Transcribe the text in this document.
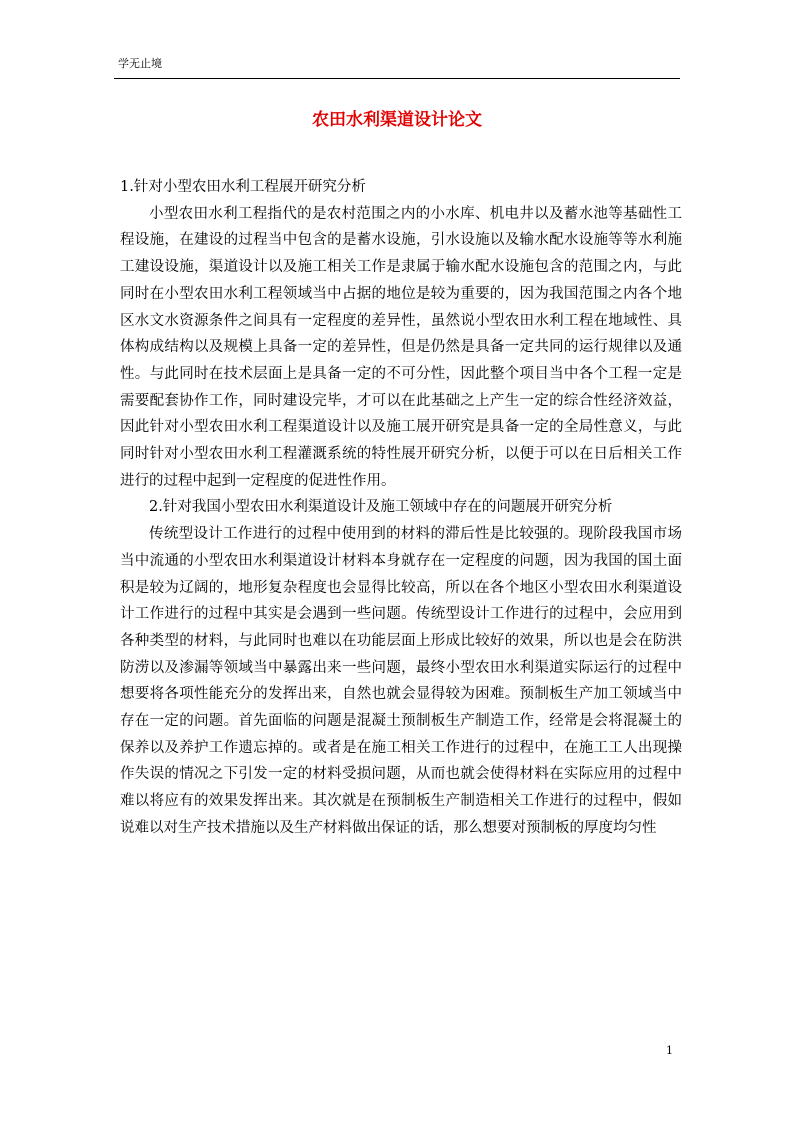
学无止境
农田水利渠道设计论文

1.针对小型农田水利工程展开研究分析

小型农田水利工程指代的是农村范围之内的小水库、机电井以及蓄水池等基础性工程设施，在建设的过程当中包含的是蓄水设施，引水设施以及输水配水设施等等水利施工建设设施，渠道设计以及施工相关工作是隶属于输水配水设施包含的范围之内，与此同时在小型农田水利工程领域当中占据的地位是较为重要的，因为我国范围之内各个地区水文水资源条件之间具有一定程度的差异性，虽然说小型农田水利工程在地域性、具体构成结构以及规模上具备一定的差异性，但是仍然是具备一定共同的运行规律以及通性。与此同时在技术层面上是具备一定的不可分性，因此整个项目当中各个工程一定是需要配套协作工作，同时建设完毕，才可以在此基础之上产生一定的综合性经济效益，因此针对小型农田水利工程渠道设计以及施工展开研究是具备一定的全局性意义，与此同时针对小型农田水利工程灌溉系统的特性展开研究分析，以便于可以在日后相关工作进行的过程中起到一定程度的促进性作用。

2.针对我国小型农田水利渠道设计及施工领域中存在的问题展开研究分析

传统型设计工作进行的过程中使用到的材料的滞后性是比较强的。现阶段我国市场当中流通的小型农田水利渠道设计材料本身就存在一定程度的问题，因为我国的国土面积是较为辽阔的，地形复杂程度也会显得比较高，所以在各个地区小型农田水利渠道设计工作进行的过程中其实是会遇到一些问题。传统型设计工作进行的过程中，会应用到各种类型的材料，与此同时也难以在功能层面上形成比较好的效果，所以也是会在防洪防涝以及渗漏等领域当中暴露出来一些问题，最终小型农田水利渠道实际运行的过程中想要将各项性能充分的发挥出来，自然也就会显得较为困难。预制板生产加工领域当中存在一定的问题。首先面临的问题是混凝土预制板生产制造工作，经常是会将混凝土的保养以及养护工作遗忘掉的。或者是在施工相关工作进行的过程中，在施工工人出现操作失误的情况之下引发一定的材料受损问题，从而也就会使得材料在实际应用的过程中难以将应有的效果发挥出来。其次就是在预制板生产制造相关工作进行的过程中，假如说难以对生产技术措施以及生产材料做出保证的话，那么想要对预制板的厚度均匀性

1
